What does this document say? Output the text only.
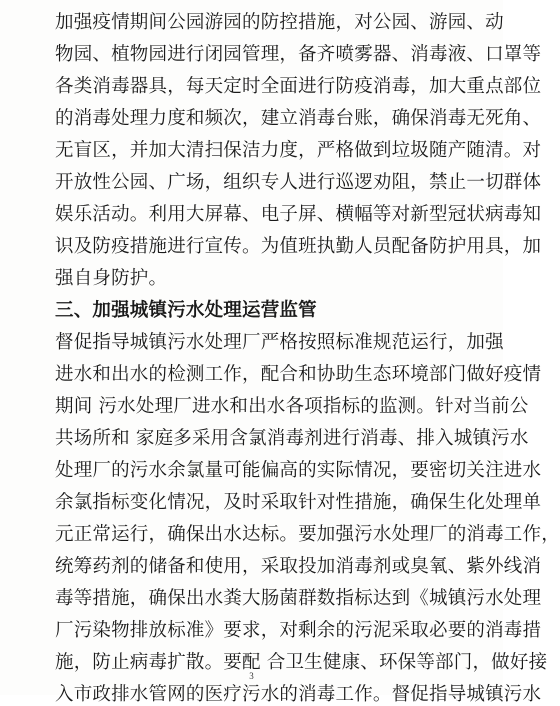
加强疫情期间公园游园的防控措施，对公园、游园、动
物园、植物园进行闭园管理，备齐喷雾器、消毒液、口罩等
各类消毒器具，每天定时全面进行防疫消毒，加大重点部位
的消毒处理力度和频次，建立消毒台账，确保消毒无死角、
无盲区，并加大清扫保洁力度，严格做到垃圾随产随清。对
开放性公园、广场，组织专人进行巡逻劝阻，禁止一切群体
娱乐活动。利用大屏幕、电子屏、横幅等对新型冠状病毒知
识及防疫措施进行宣传。为值班执勤人员配备防护用具，加
强自身防护。
三、加强城镇污水处理运营监管
督促指导城镇污水处理厂严格按照标准规范运行，加强
进水和出水的检测工作，配合和协助生态环境部门做好疫情
期间 污水处理厂进水和出水各项指标的监测。针对当前公
共场所和 家庭多采用含氯消毒剂进行消毒、排入城镇污水
处理厂的污水余氯量可能偏高的实际情况，要密切关注进水
余氯指标变化情况，及时采取针对性措施，确保生化处理单
元正常运行，确保出水达标。要加强污水处理厂的消毒工作，
统筹药剂的储备和使用，采取投加消毒剂或臭氧、紫外线消
毒等措施，确保出水粪大肠菌群数指标达到《城镇污水处理
厂污染物排放标准》要求，对剩余的污泥采取必要的消毒措
施，防止病毒扩散。要配 合卫生健康、环保等部门，做好接
入市政排水管网的医疗污水的消毒工作。督促指导城镇污水
3
